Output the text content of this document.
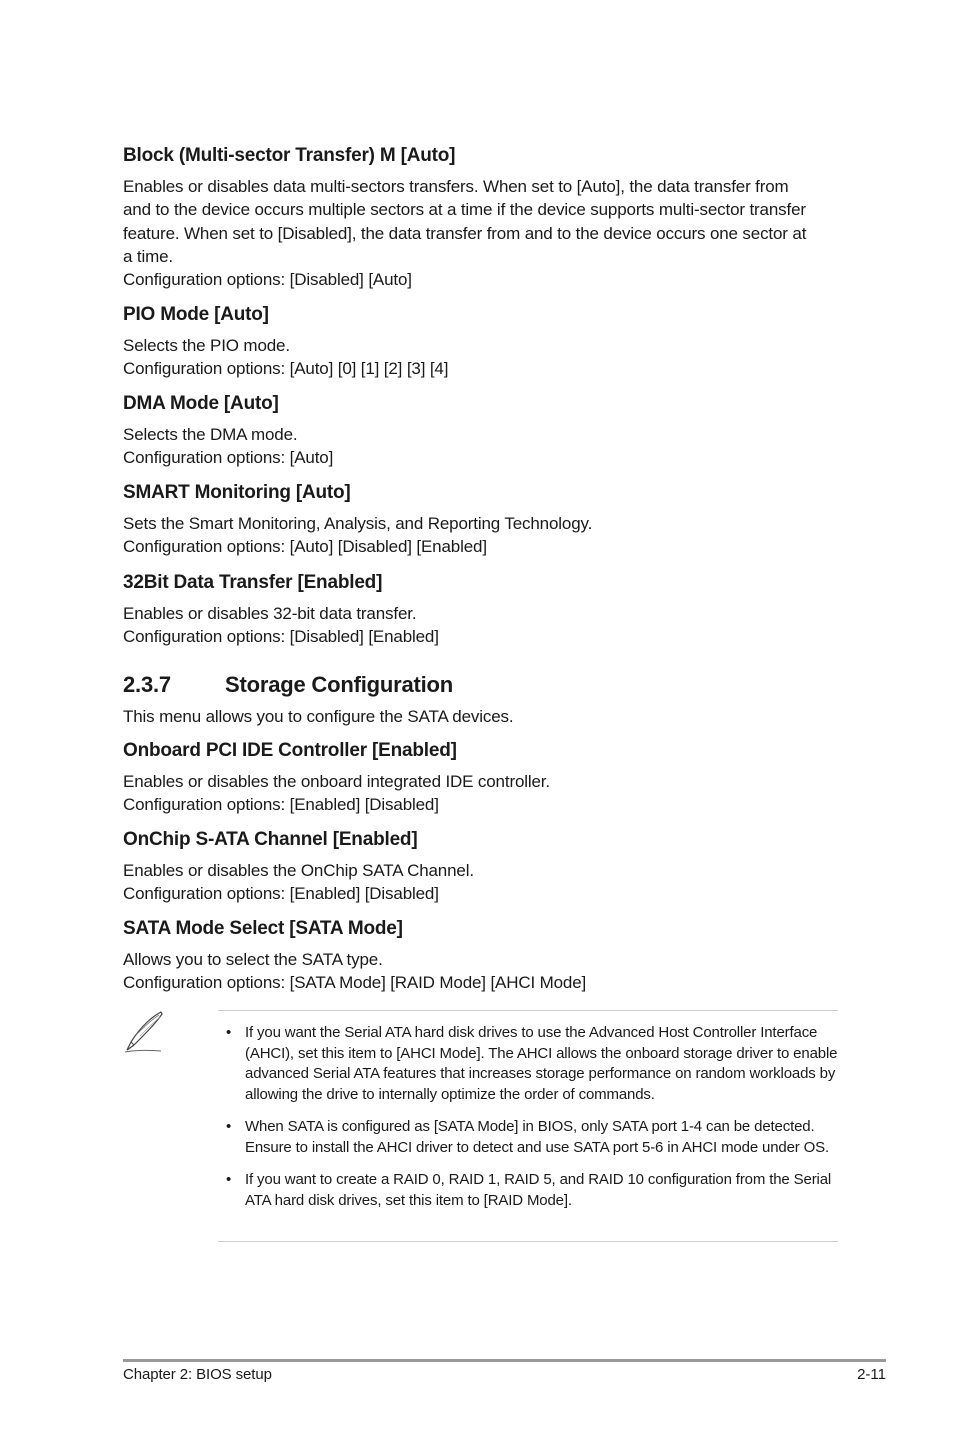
Block (Multi-sector Transfer) M [Auto]

Enables or disables data multi-sectors transfers. When set to [Auto], the data transfer from

and to the device occurs multiple sectors at a time if the device supports multi-sector transfer

feature. When set to [Disabled], the data transfer from and to the device occurs one sector at

a time.

Configuration options: [Disabled] [Auto]

PIO Mode [Auto]

Selects the PIO mode.

Configuration options: [Auto] [0] [1] [2] [3] [4]

DMA Mode [Auto]

Selects the DMA mode.

Configuration options: [Auto]

SMART Monitoring [Auto]

Sets the Smart Monitoring, Analysis, and Reporting Technology.

Configuration options: [Auto] [Disabled] [Enabled]

32Bit Data Transfer [Enabled]

Enables or disables 32-bit data transfer.

Configuration options: [Disabled] [Enabled]

2.3.7 Storage Configuration

This menu allows you to configure the SATA devices.

Onboard PCI IDE Controller [Enabled]

Enables or disables the onboard integrated IDE controller.

Configuration options: [Enabled] [Disabled]

OnChip S-ATA Channel [Enabled]

Enables or disables the OnChip SATA Channel.

Configuration options: [Enabled] [Disabled]

SATA Mode Select [SATA Mode]

Allows you to select the SATA type.

Configuration options: [SATA Mode] [RAID Mode] [AHCI Mode]

• If you want the Serial ATA hard disk drives to use the Advanced Host Controller Interface (AHCI), set this item to [AHCI Mode]. The AHCI allows the onboard storage driver to enable advanced Serial ATA features that increases storage performance on random workloads by allowing the drive to internally optimize the order of commands.
• When SATA is configured as [SATA Mode] in BIOS, only SATA port 1-4 can be detected. Ensure to install the AHCI driver to detect and use SATA port 5-6 in AHCI mode under OS.
• If you want to create a RAID 0, RAID 1, RAID 5, and RAID 10 configuration from the Serial ATA hard disk drives, set this item to [RAID Mode].
Chapter 2: BIOS setup	2-11
